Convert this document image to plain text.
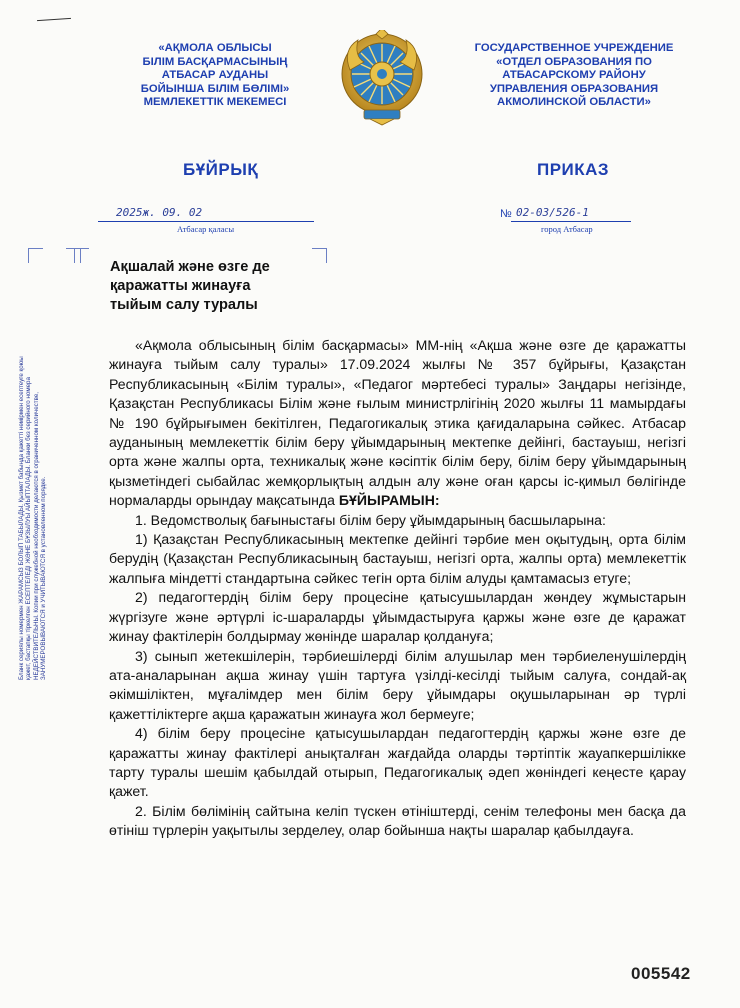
«АҚМОЛА ОБЛЫСЫ
БІЛІМ БАСҚАРМАСЫНЫҢ
АТБАСАР АУДАНЫ
БОЙЫНША БІЛІМ БӨЛІМІ»
МЕМЛЕКЕТТІК МЕКЕМЕСІ
ГОСУДАРСТВЕННОЕ УЧРЕЖДЕНИЕ
«ОТДЕЛ ОБРАЗОВАНИЯ ПО
АТБАСАРСКОМУ РАЙОНУ
УПРАВЛЕНИЯ ОБРАЗОВАНИЯ
АКМОЛИНСКОЙ ОБЛАСТИ»
БҰЙРЫҚ	ПРИКАЗ
2025ж. 09. 02
Атбасар қаласы
№ 02-03/526-1
город Атбасар
Ақшалай және өзге де
қаражатты жинауға
тыйым салу туралы

«Ақмола облысының білім басқармасы» ММ-нің «Ақша және өзге де қаражатты жинауға тыйым салу туралы» 17.09.2024 жылғы № 357 бұйрығы, Қазақстан Республикасының «Білім туралы», «Педагог мәртебесі туралы» Заңдары негізінде, Қазақстан Республикасы Білім және ғылым министрлігінің 2020 жылғы 11 мамырдағы № 190 бұйрығымен бекітілген, Педагогикалық этика қағидаларына сәйкес. Атбасар ауданының мемлекеттік білім беру ұйымдарының мектепке дейінгі, бастауыш, негізгі орта және жалпы орта, техникалық және кәсіптік білім беру, білім беру ұйымдарының қызметіндегі сыбайлас жемқорлықтың алдын алу және оған қарсы іс-қимыл бөлігінде нормаларды орындау мақсатында БҰЙЫРАМЫН:

1. Ведомстволық бағыныстағы білім беру ұйымдарының басшыларына:

1) Қазақстан Республикасының мектепке дейінгі тәрбие мен оқытудың, орта білім берудің (Қазақстан Республикасының бастауыш, негізгі орта, жалпы орта) мемлекеттік жалпыға міндетті стандартына сәйкес тегін орта білім алуды қамтамасыз етуге;

2) педагогтердің білім беру процесіне қатысушылардан жөндеу жұмыстарын жүргізуге және әртүрлі іс-шараларды ұйымдастыруға қаржы және өзге де қаражат жинау фактілерін болдырмау жөнінде шаралар қолдануға;

3) сынып жетекшілерін, тәрбиешілерді білім алушылар мен тәрбиеленушілердің ата-аналарынан ақша жинау үшін тартуға үзілді-кесілді тыйым салуға, сондай-ақ әкімшіліктен, мұғалімдер мен білім беру ұйымдары оқушыларынан әр түрлі қажеттіліктерге ақша қаражатын жинауға жол бермеуге;

4) білім беру процесіне қатысушылардан педагогтердің қаржы және өзге де қаражатты жинау фактілері анықталған жағдайда оларды тәртіптік жауапкершілікке тарту туралы шешім қабылдай отырып, Педагогикалық әдеп жөніндегі кеңесте қарау қажет.

2. Білім бөлімінің сайтына келіп түскен өтініштерді, сенім телефоны мен басқа да өтініш түрлерін уақытылы зерделеу, олар бойынша нақты шаралар қабылдауға.

Бланк сериялы номермен ЖАРАМСЫЗ БОЛЫП ТАБЫЛАДЫ. Қызмет бабында қажетті нөмірмен есептеуге қоюы қажет, бастапқы тіркелген ЕСЕПТЕЛЕДІ ЖӘНЕ БҰЗЫЛУЫ АЙЫПТАЛАДЫ. Бланки без серийного номера НЕДЕЙСТВИТЕЛЬНЫ. Копии при служебной необходимости делаются в ограниченном количестве, ЗАНУМЕРОВЫВАЮТСЯ и УЧИТЫВАЮТСЯ в установленном порядке.
005542
